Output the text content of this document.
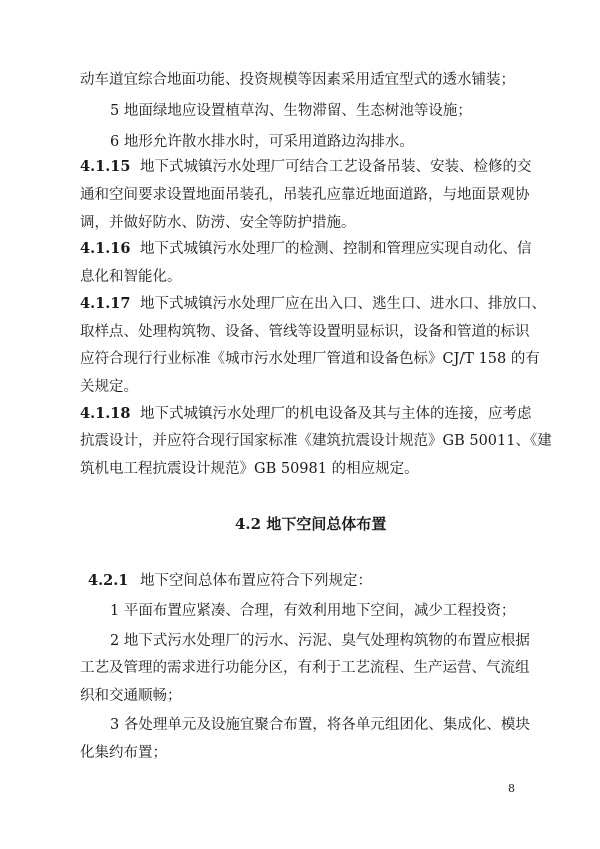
动车道宜综合地面功能、投资规模等因素采用适宜型式的透水铺装；
5 地面绿地应设置植草沟、生物滞留、生态树池等设施；
6 地形允许散水排水时，可采用道路边沟排水。
4.1.15 地下式城镇污水处理厂可结合工艺设备吊装、安装、检修的交
通和空间要求设置地面吊装孔，吊装孔应靠近地面道路，与地面景观协
调，并做好防水、防涝、安全等防护措施。
4.1.16 地下式城镇污水处理厂的检测、控制和管理应实现自动化、信
息化和智能化。
4.1.17 地下式城镇污水处理厂应在出入口、逃生口、进水口、排放口、
取样点、处理构筑物、设备、管线等设置明显标识，设备和管道的标识
应符合现行行业标准《城市污水处理厂管道和设备色标》CJ/T 158 的有
关规定。
4.1.18 地下式城镇污水处理厂的机电设备及其与主体的连接，应考虑
抗震设计，并应符合现行国家标准《建筑抗震设计规范》GB 50011、《建
筑机电工程抗震设计规范》GB 50981 的相应规定。
4.2 地下空间总体布置
4.2.1 地下空间总体布置应符合下列规定：
1 平面布置应紧凑、合理，有效利用地下空间，减少工程投资；
2 地下式污水处理厂的污水、污泥、臭气处理构筑物的布置应根据
工艺及管理的需求进行功能分区，有利于工艺流程、生产运营、气流组
织和交通顺畅；
3 各处理单元及设施宜聚合布置，将各单元组团化、集成化、模块
化集约布置；
8
